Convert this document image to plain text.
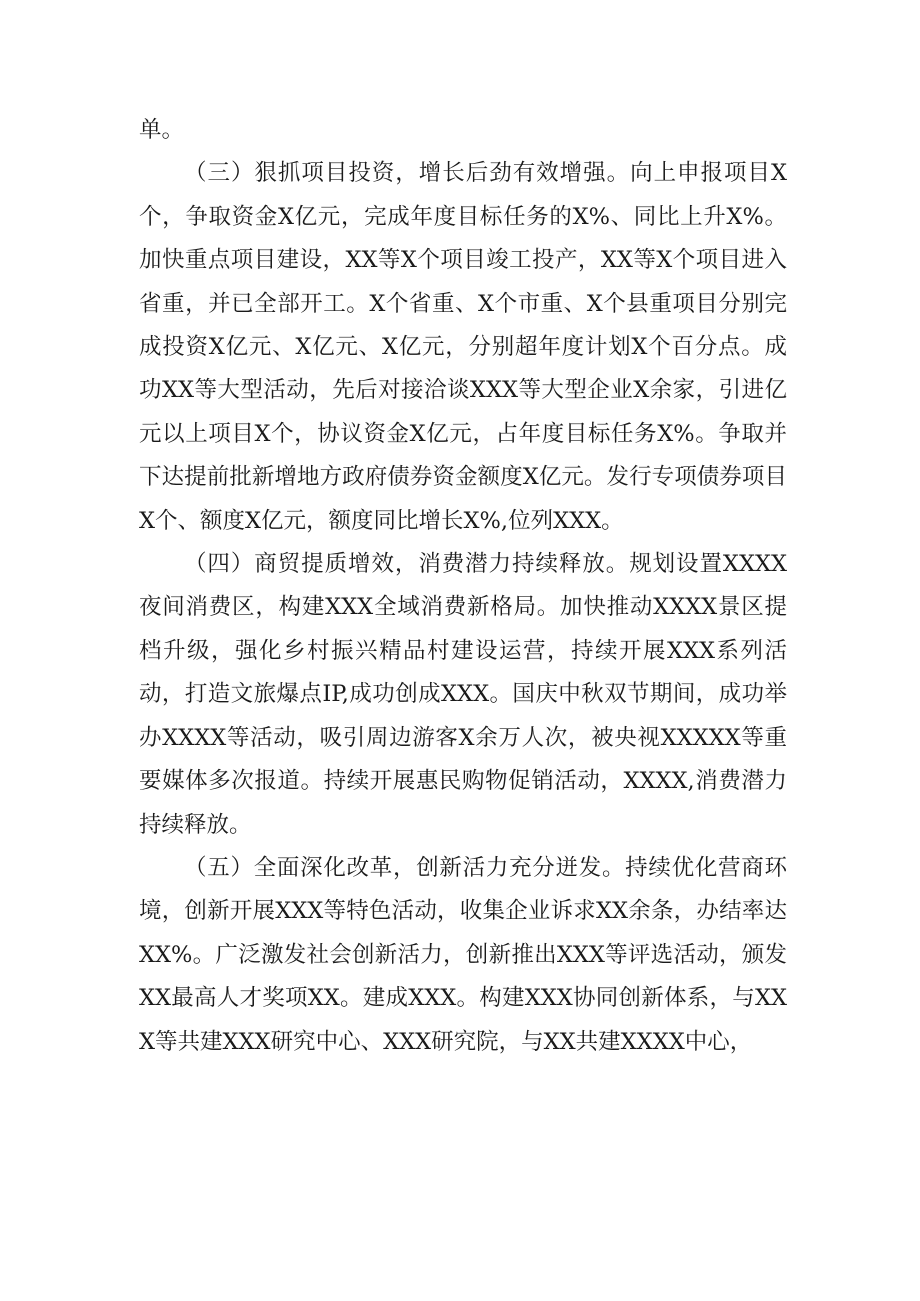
单。

（三）狠抓项目投资，增长后劲有效增强。向上申报项目X个，争取资金X亿元，完成年度目标任务的X%、同比上升X%。加快重点项目建设，XX等X个项目竣工投产，XX等X个项目进入省重，并已全部开工。X个省重、X个市重、X个县重项目分别完成投资X亿元、X亿元、X亿元，分别超年度计划X个百分点。成功XX等大型活动，先后对接洽谈XXX等大型企业X余家，引进亿元以上项目X个，协议资金X亿元，占年度目标任务X%。争取并下达提前批新增地方政府债券资金额度X亿元。发行专项债券项目X个、额度X亿元，额度同比增长X%,位列XXX。

（四）商贸提质增效，消费潜力持续释放。规划设置XXXX夜间消费区，构建XXX全域消费新格局。加快推动XXXX景区提档升级，强化乡村振兴精品村建设运营，持续开展XXX系列活动，打造文旅爆点IP,成功创成XXX。国庆中秋双节期间，成功举办XXXX等活动，吸引周边游客X余万人次，被央视XXXXX等重要媒体多次报道。持续开展惠民购物促销活动，XXXX,消费潜力持续释放。

（五）全面深化改革，创新活力充分迸发。持续优化营商环境，创新开展XXX等特色活动，收集企业诉求XX余条，办结率达XX%。广泛激发社会创新活力，创新推出XXX等评选活动，颁发XX最高人才奖项XX。建成XXX。构建XXX协同创新体系，与XXX等共建XXX研究中心、XXX研究院，与XX共建XXXX中心，
